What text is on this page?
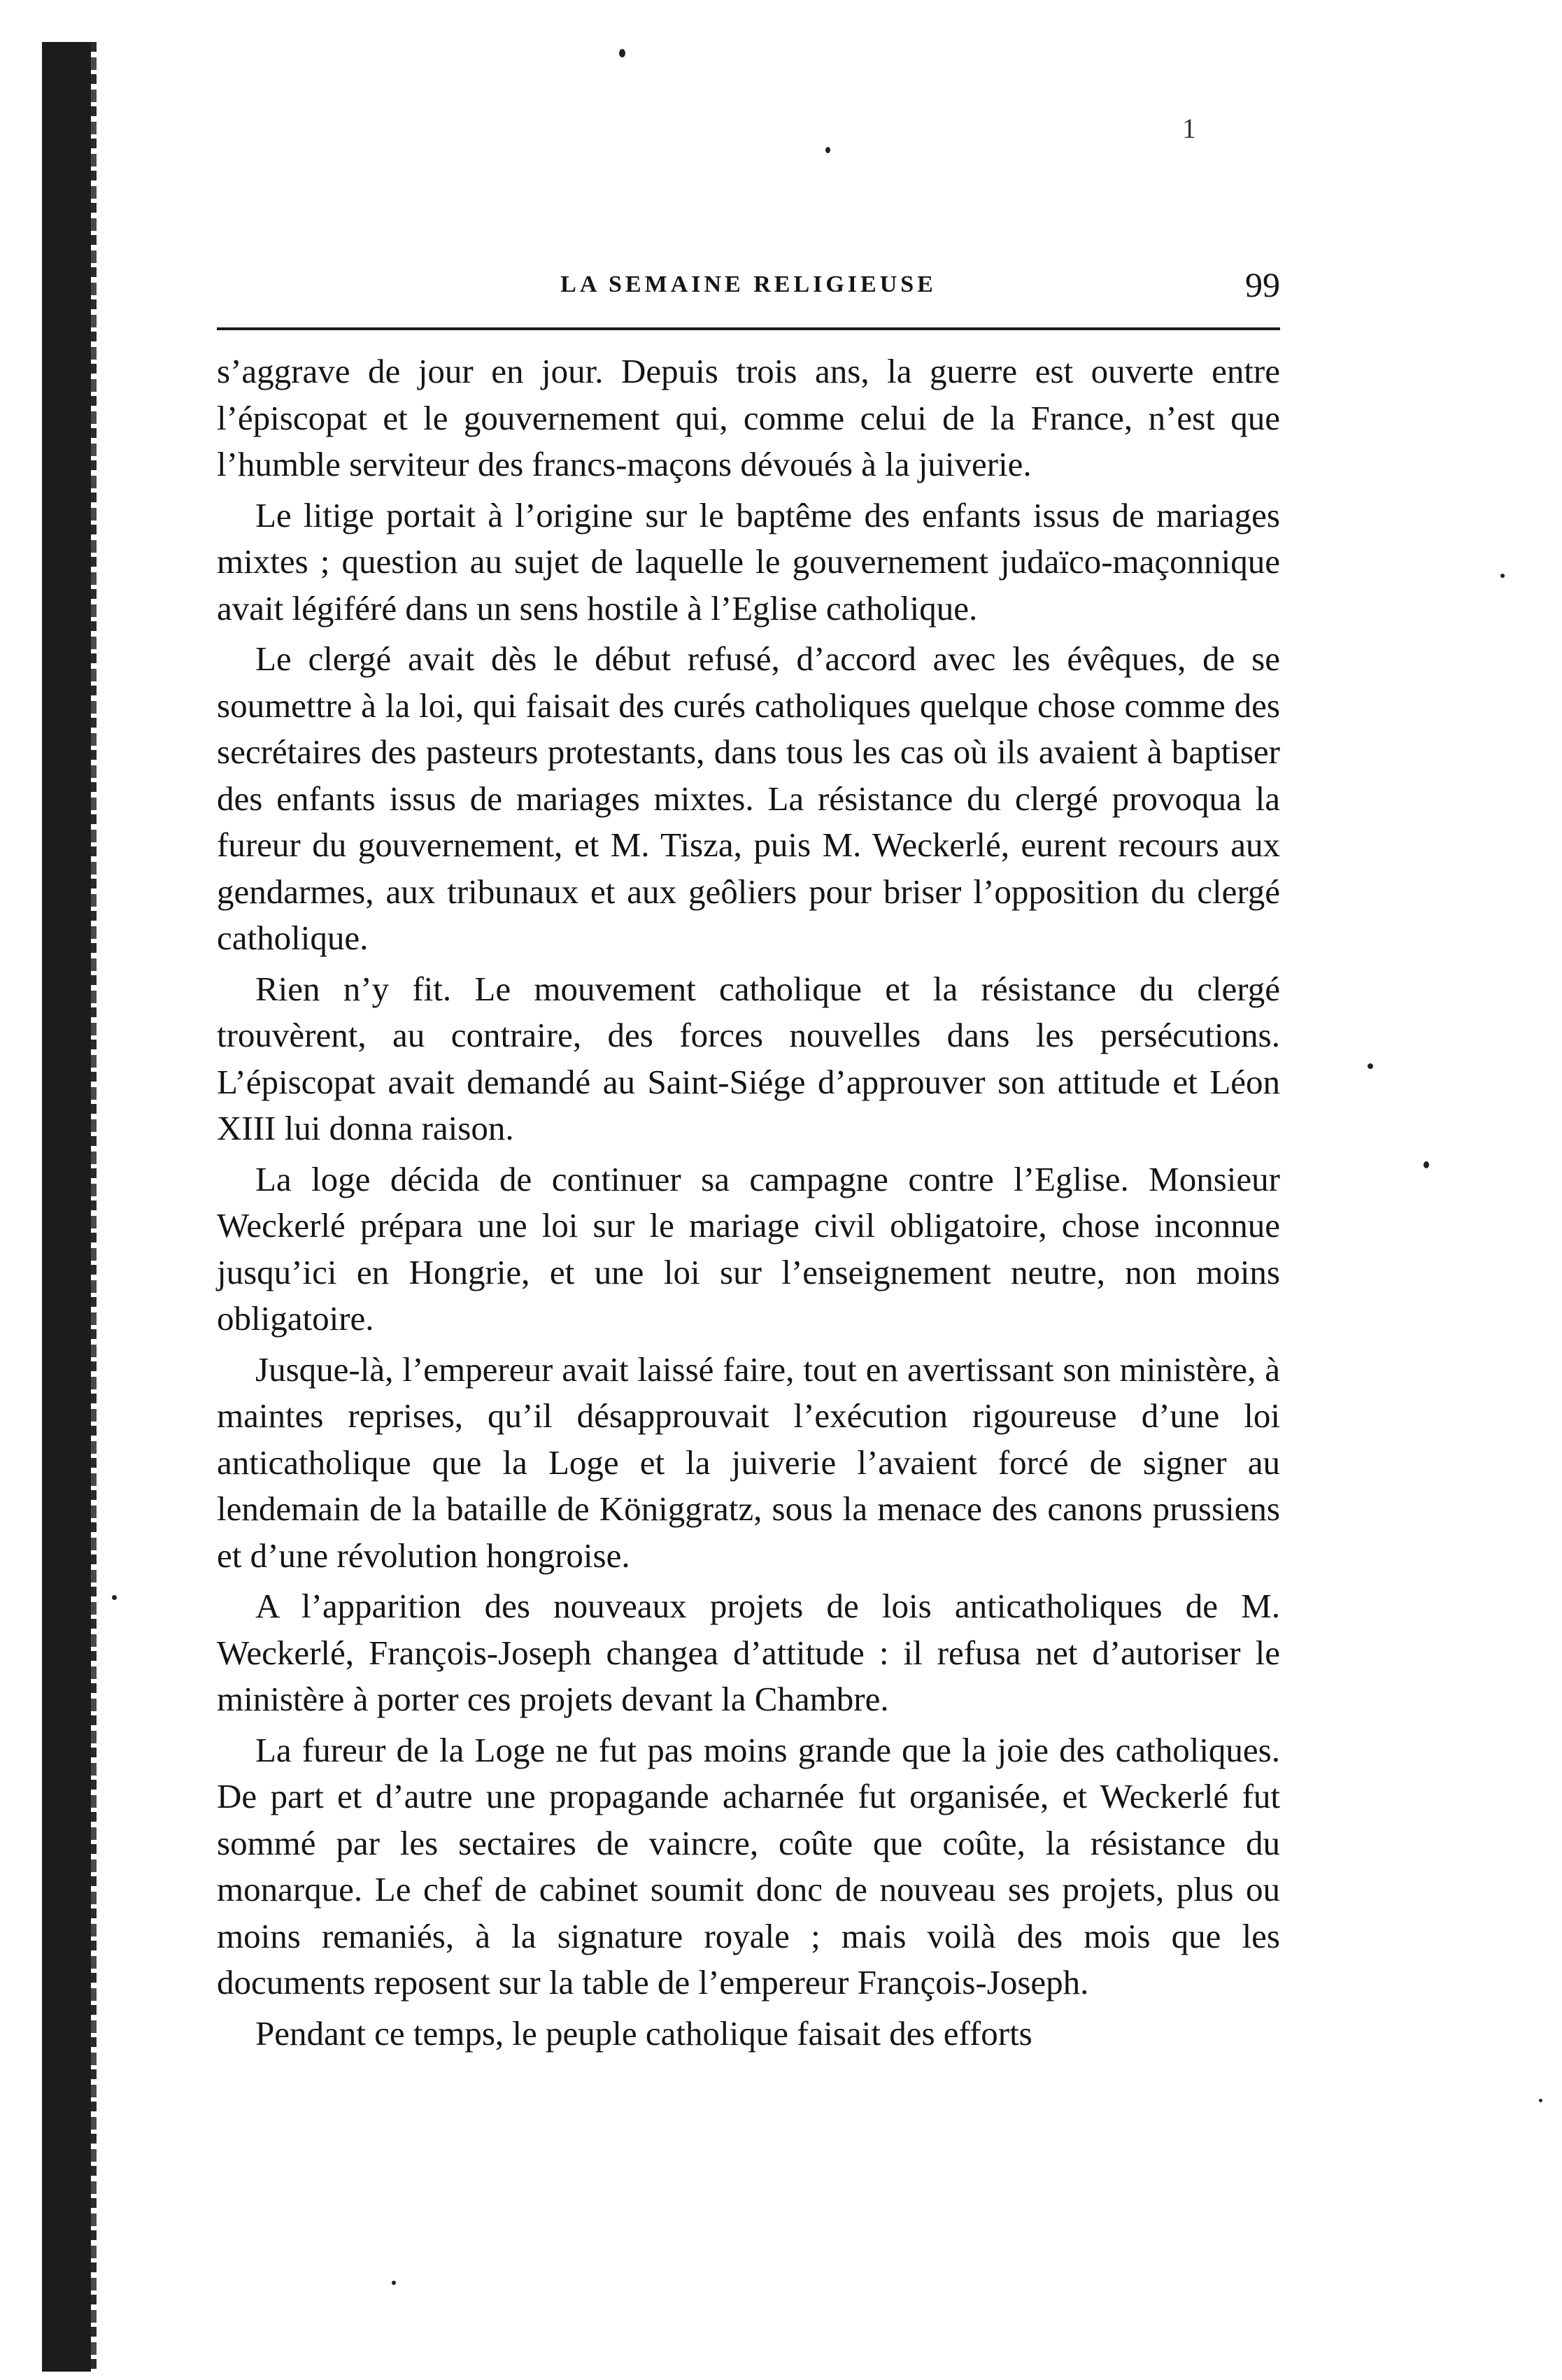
1
LA SEMAINE RELIGIEUSE	99

s’aggrave de jour en jour. Depuis trois ans, la guerre est ouverte entre l’épiscopat et le gouvernement qui, comme celui de la France, n’est que l’humble serviteur des francs-maçons dévoués à la juiverie.

Le litige portait à l’origine sur le baptême des enfants issus de mariages mixtes ; question au sujet de laquelle le gouvernement judaïco-maçonnique avait légiféré dans un sens hostile à l’Eglise catholique.

Le clergé avait dès le début refusé, d’accord avec les évêques, de se soumettre à la loi, qui faisait des curés catholiques quelque chose comme des secrétaires des pasteurs protestants, dans tous les cas où ils avaient à baptiser des enfants issus de mariages mixtes. La résistance du clergé provoqua la fureur du gouvernement, et M. Tisza, puis M. Weckerlé, eurent recours aux gendarmes, aux tribunaux et aux geôliers pour briser l’opposition du clergé catholique.

Rien n’y fit. Le mouvement catholique et la résistance du clergé trouvèrent, au contraire, des forces nouvelles dans les persécutions. L’épiscopat avait demandé au Saint-Siége d’approuver son attitude et Léon XIII lui donna raison.

La loge décida de continuer sa campagne contre l’Eglise. Monsieur Weckerlé prépara une loi sur le mariage civil obligatoire, chose inconnue jusqu’ici en Hongrie, et une loi sur l’enseignement neutre, non moins obligatoire.

Jusque-là, l’empereur avait laissé faire, tout en avertissant son ministère, à maintes reprises, qu’il désapprouvait l’exécution rigoureuse d’une loi anticatholique que la Loge et la juiverie l’avaient forcé de signer au lendemain de la bataille de Königgratz, sous la menace des canons prussiens et d’une révolution hongroise.

A l’apparition des nouveaux projets de lois anticatholiques de M. Weckerlé, François-Joseph changea d’attitude : il refusa net d’autoriser le ministère à porter ces projets devant la Chambre.

La fureur de la Loge ne fut pas moins grande que la joie des catholiques. De part et d’autre une propagande acharnée fut organisée, et Weckerlé fut sommé par les sectaires de vaincre, coûte que coûte, la résistance du monarque. Le chef de cabinet soumit donc de nouveau ses projets, plus ou moins remaniés, à la signature royale ; mais voilà des mois que les documents reposent sur la table de l’empereur François-Joseph.

Pendant ce temps, le peuple catholique faisait des efforts
